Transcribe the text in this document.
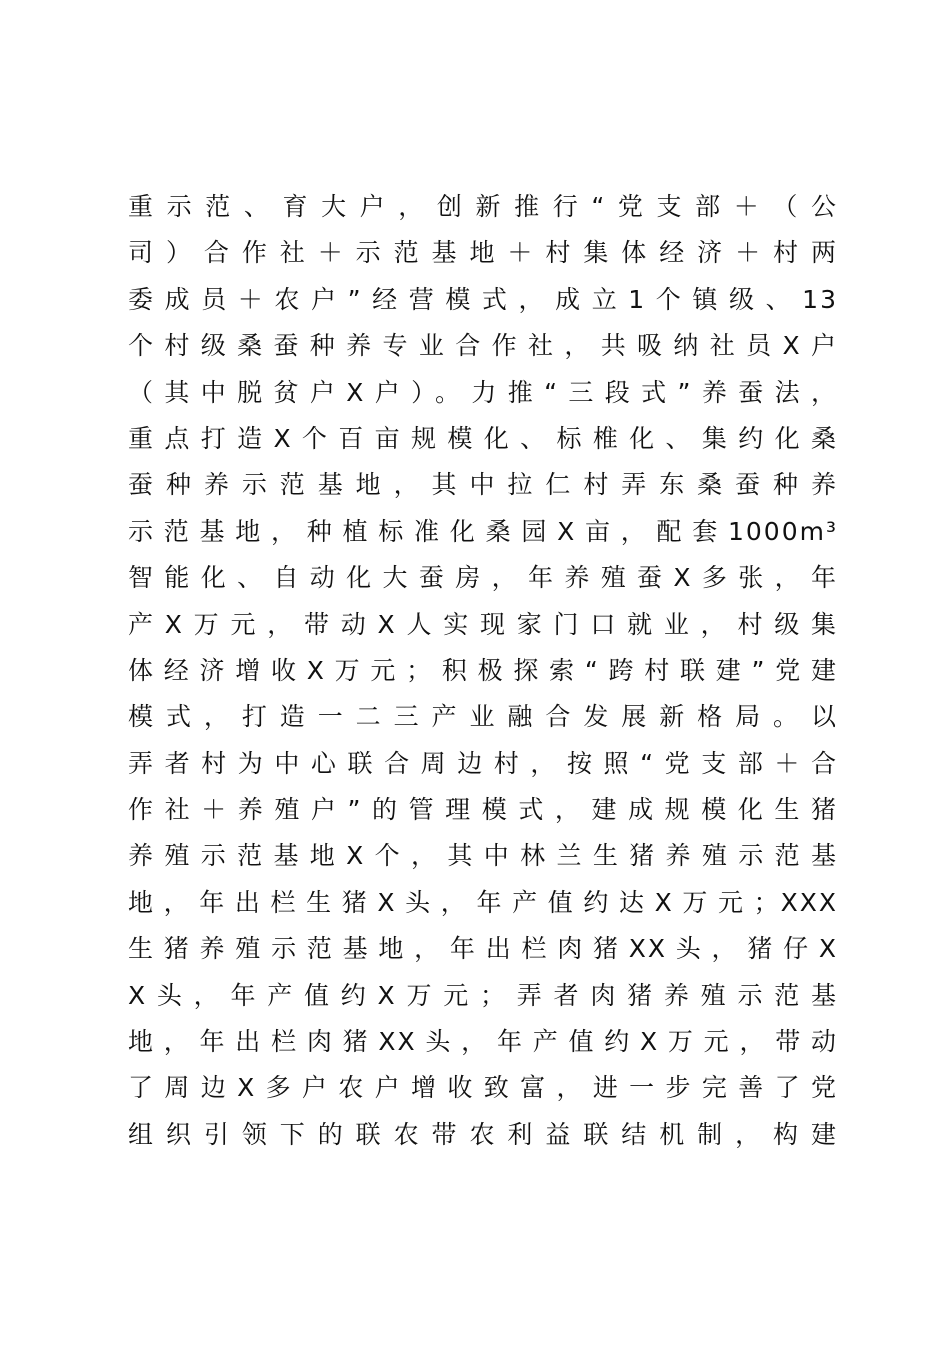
重示范、育大户，创新推行“党支部＋（公
司）合作社＋示范基地＋村集体经济＋村两
委成员＋农户”经营模式，成立1个镇级、13
个村级桑蚕种养专业合作社，共吸纳社员X户
（其中脱贫户X户）。力推“三段式”养蚕法，
重点打造X个百亩规模化、标椎化、集约化桑
蚕种养示范基地，其中拉仁村弄东桑蚕种养
示范基地，种植标准化桑园X亩，配套1000m³
智能化、自动化大蚕房，年养殖蚕X多张，年
产X万元，带动X人实现家门口就业，村级集
体经济增收X万元；积极探索“跨村联建”党建
模式，打造一二三产业融合发展新格局。以
弄者村为中心联合周边村，按照“党支部＋合
作社＋养殖户”的管理模式，建成规模化生猪
养殖示范基地X个，其中林兰生猪养殖示范基
地，年出栏生猪X头，年产值约达X万元；XXX
生猪养殖示范基地，年出栏肉猪XX头，猪仔X
X头，年产值约X万元；弄者肉猪养殖示范基
地，年出栏肉猪XX头，年产值约X万元，带动
了周边X多户农户增收致富，进一步完善了党
组织引领下的联农带农利益联结机制，构建
